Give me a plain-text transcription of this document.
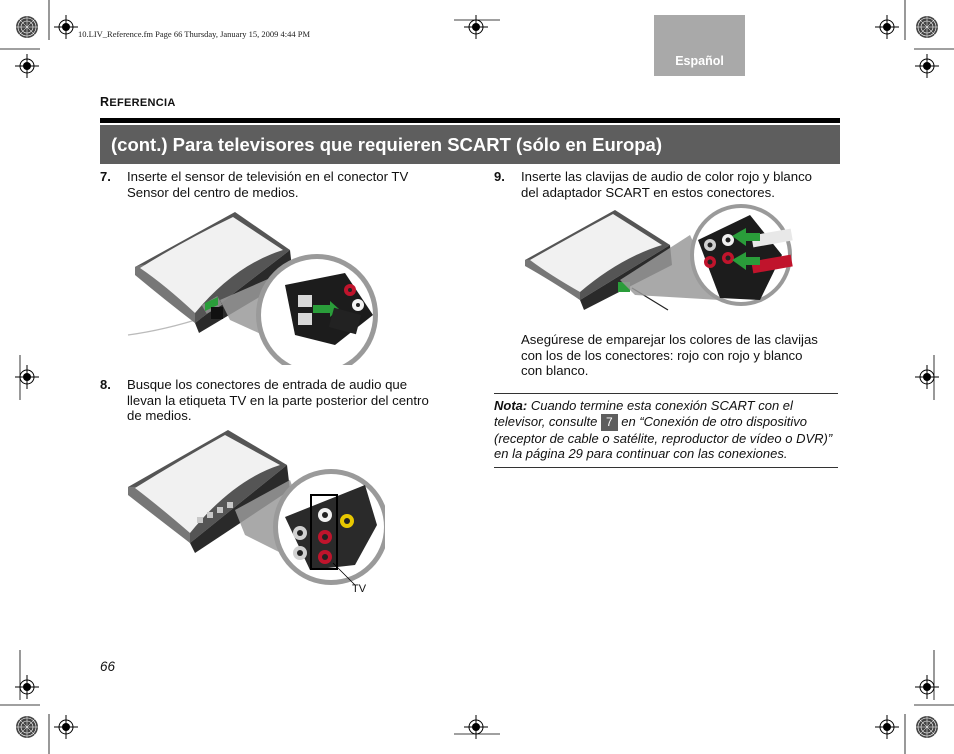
10.LIV_Reference.fm Page 66 Thursday, January 15, 2009 4:44 PM
Español
REFERENCIA
(cont.) Para televisores que requieren SCART (sólo en Europa)
7. Inserte el sensor de televisión en el conector TV
Sensor del centro de medios.
8. Busque los conectores de entrada de audio que
llevan la etiqueta TV en la parte posterior del centro
de medios.
TV
9. Inserte las clavijas de audio de color rojo y blanco
del adaptador SCART en estos conectores.
Asegúrese de emparejar los colores de las clavijas
con los de los conectores: rojo con rojo y blanco
con blanco.
Nota: Cuando termine esta conexión SCART con el televisor, consulte 7 en “Conexión de otro dispositivo (receptor de cable o satélite, reproductor de vídeo o DVR)” en la página 29 para continuar con las conexiones.
66
